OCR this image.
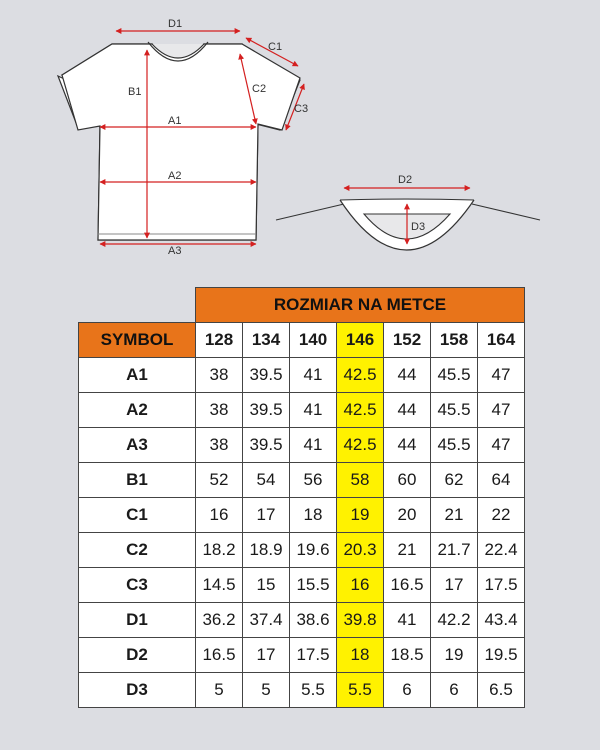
D1
C1
B1	C2
C3
A1
A2
A3
D2
D3
	ROZMIAR NA METCE						
SYMBOL	128	134	140	146	152	158	164
A1	38	39.5	41	42.5	44	45.5	47
A2	38	39.5	41	42.5	44	45.5	47
A3	38	39.5	41	42.5	44	45.5	47
B1	52	54	56	58	60	62	64
C1	16	17	18	19	20	21	22
C2	18.2	18.9	19.6	20.3	21	21.7	22.4
C3	14.5	15	15.5	16	16.5	17	17.5
D1	36.2	37.4	38.6	39.8	41	42.2	43.4
D2	16.5	17	17.5	18	18.5	19	19.5
D3	5	5	5.5	5.5	6	6	6.5
